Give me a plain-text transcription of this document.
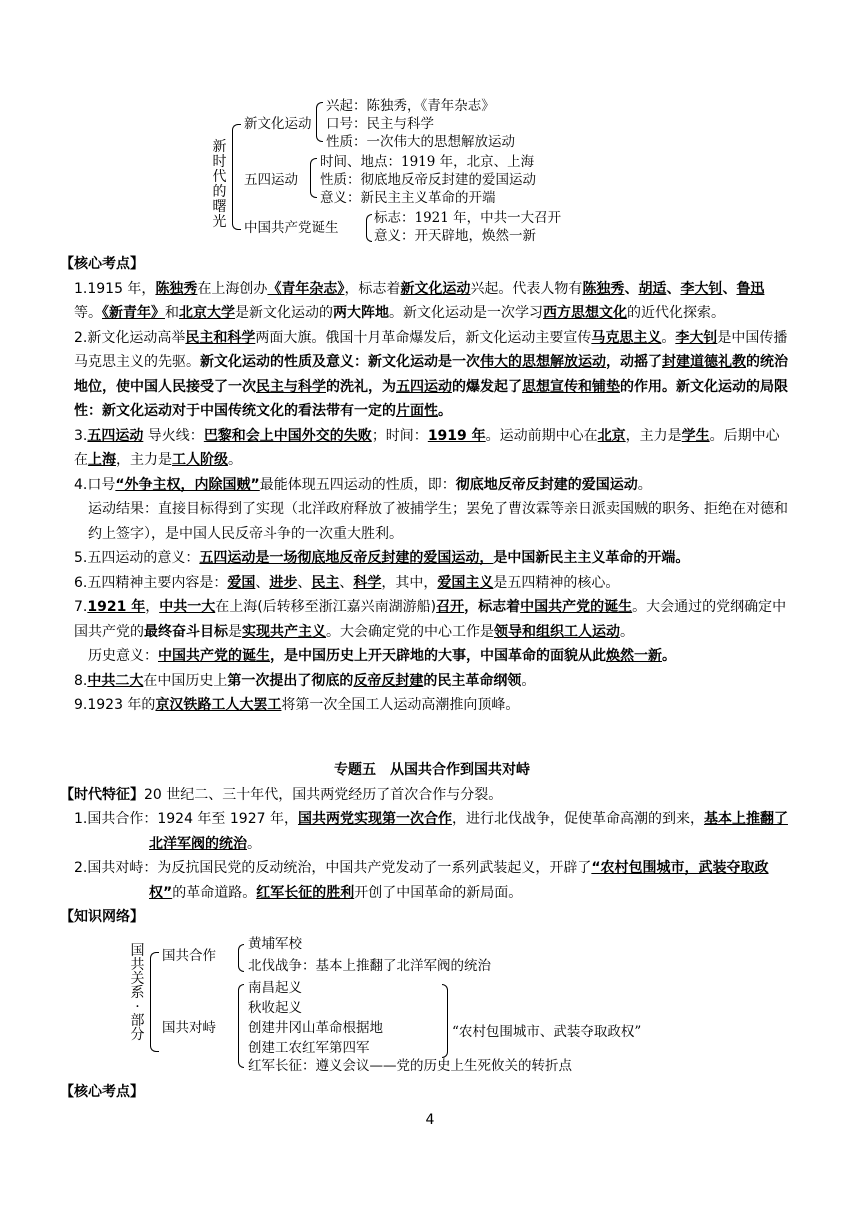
新时代的曙光
新文化运动
兴起：陈独秀，《青年杂志》
口号：民主与科学
性质：一次伟大的思想解放运动
五四运动
时间、地点：1919 年，北京、上海
性质：彻底地反帝反封建的爱国运动
意义：新民主主义革命的开端
中国共产党诞生
标志：1921 年，中共一大召开
意义：开天辟地，焕然一新

【核心考点】

1.1915 年，陈独秀在上海创办《青年杂志》，标志着新文化运动兴起。代表人物有陈独秀、胡适、李大钊、鲁迅等。《新青年》和北京大学是新文化运动的两大阵地。新文化运动是一次学习西方思想文化的近代化探索。

2.新文化运动高举民主和科学两面大旗。俄国十月革命爆发后，新文化运动主要宣传马克思主义。李大钊是中国传播马克思主义的先驱。新文化运动的性质及意义：新文化运动是一次伟大的思想解放运动，动摇了封建道德礼教的统治地位，使中国人民接受了一次民主与科学的洗礼，为五四运动的爆发起了思想宣传和铺垫的作用。新文化运动的局限性：新文化运动对于中国传统文化的看法带有一定的片面性。

3.五四运动 导火线：巴黎和会上中国外交的失败；时间：1919 年。运动前期中心在北京，主力是学生。后期中心在上海，主力是工人阶级。

4.口号“外争主权，内除国贼”最能体现五四运动的性质，即：彻底地反帝反封建的爱国运动。

运动结果：直接目标得到了实现（北洋政府释放了被捕学生；罢免了曹汝霖等亲日派卖国贼的职务、拒绝在对德和约上签字），是中国人民反帝斗争的一次重大胜利。

5.五四运动的意义：五四运动是一场彻底地反帝反封建的爱国运动，是中国新民主主义革命的开端。

6.五四精神主要内容是：爱国、进步、民主、科学，其中，爱国主义是五四精神的核心。

7.1921 年，中共一大在上海(后转移至浙江嘉兴南湖游船)召开，标志着中国共产党的诞生。大会通过的党纲确定中国共产党的最终奋斗目标是实现共产主义。大会确定党的中心工作是领导和组织工人运动。

历史意义：中国共产党的诞生，是中国历史上开天辟地的大事，中国革命的面貌从此焕然一新。

8.中共二大在中国历史上第一次提出了彻底的反帝反封建的民主革命纲领。

9.1923 年的京汉铁路工人大罢工将第一次全国工人运动高潮推向顶峰。

专题五　从国共合作到国共对峙

【时代特征】20 世纪二、三十年代，国共两党经历了首次合作与分裂。

1.国共合作：1924 年至 1927 年，国共两党实现第一次合作，进行北伐战争，促使革命高潮的到来，基本上推翻了北洋军阀的统治。

2.国共对峙：为反抗国民党的反动统治，中国共产党发动了一系列武装起义，开辟了“农村包围城市，武装夺取政权”的革命道路。红军长征的胜利开创了中国革命的新局面。

【知识网络】

国共关系·部分
国共合作
黄埔军校
北伐战争：基本上推翻了北洋军阀的统治
国共对峙
南昌起义
秋收起义
创建井冈山革命根据地
创建工农红军第四军
红军长征：遵义会议——党的历史上生死攸关的转折点
“农村包围城市、武装夺取政权”

【核心考点】

4
